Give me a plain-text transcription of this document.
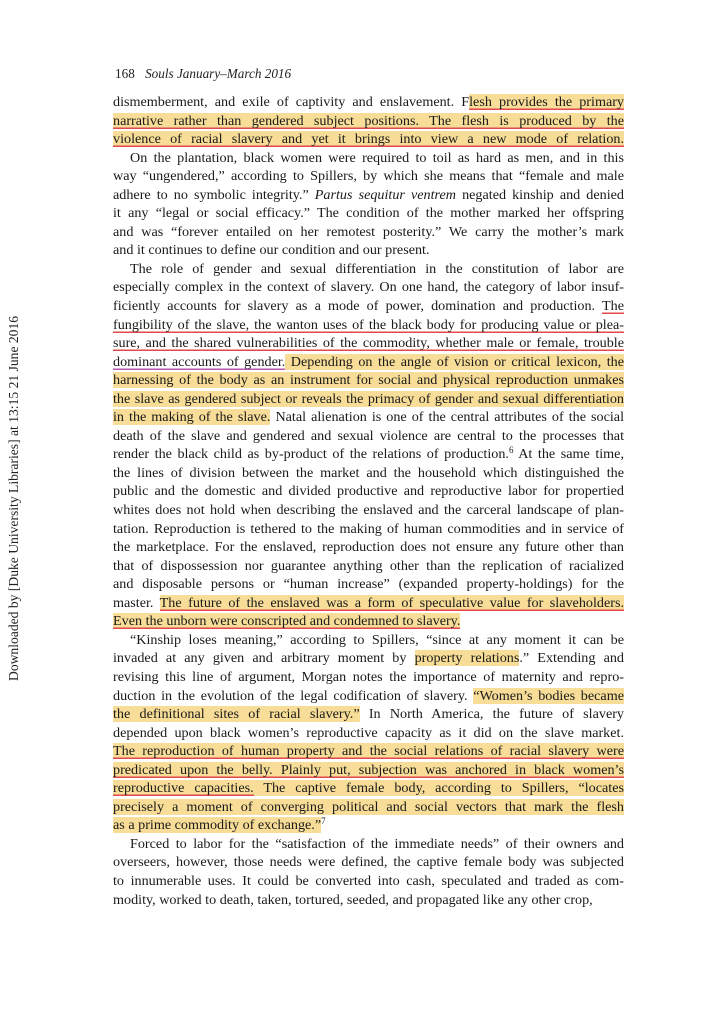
Downloaded by [Duke University Libraries] at 13:15 21 June 2016
168 Souls January–March 2016
dismemberment, and exile of captivity and enslavement. Flesh provides the primary
narrative rather than gendered subject positions. The flesh is produced by the
violence of racial slavery and yet it brings into view a new mode of relation.
On the plantation, black women were required to toil as hard as men, and in this
way “ungendered,” according to Spillers, by which she means that “female and male
adhere to no symbolic integrity.” Partus sequitur ventrem negated kinship and denied
it any “legal or social efficacy.” The condition of the mother marked her offspring
and was “forever entailed on her remotest posterity.” We carry the mother’s mark
and it continues to define our condition and our present.
The role of gender and sexual differentiation in the constitution of labor are
especially complex in the context of slavery. On one hand, the category of labor insuf-
ficiently accounts for slavery as a mode of power, domination and production. The
fungibility of the slave, the wanton uses of the black body for producing value or plea-
sure, and the shared vulnerabilities of the commodity, whether male or female, trouble
dominant accounts of gender. Depending on the angle of vision or critical lexicon, the
harnessing of the body as an instrument for social and physical reproduction unmakes
the slave as gendered subject or reveals the primacy of gender and sexual differentiation
in the making of the slave. Natal alienation is one of the central attributes of the social
death of the slave and gendered and sexual violence are central to the processes that
render the black child as by-product of the relations of production.$^6$ At the same time,
the lines of division between the market and the household which distinguished the
public and the domestic and divided productive and reproductive labor for propertied
whites does not hold when describing the enslaved and the carceral landscape of plan-
tation. Reproduction is tethered to the making of human commodities and in service of
the marketplace. For the enslaved, reproduction does not ensure any future other than
that of dispossession nor guarantee anything other than the replication of racialized
and disposable persons or “human increase” (expanded property-holdings) for the
master. The future of the enslaved was a form of speculative value for slaveholders.
Even the unborn were conscripted and condemned to slavery.
“Kinship loses meaning,” according to Spillers, “since at any moment it can be
invaded at any given and arbitrary moment by property relations.” Extending and
revising this line of argument, Morgan notes the importance of maternity and repro-
duction in the evolution of the legal codification of slavery. “Women’s bodies became
the definitional sites of racial slavery.” In North America, the future of slavery
depended upon black women’s reproductive capacity as it did on the slave market.
The reproduction of human property and the social relations of racial slavery were
predicated upon the belly. Plainly put, subjection was anchored in black women’s
reproductive capacities. The captive female body, according to Spillers, “locates
precisely a moment of converging political and social vectors that mark the flesh
as a prime commodity of exchange.”$^7$
Forced to labor for the “satisfaction of the immediate needs” of their owners and
overseers, however, those needs were defined, the captive female body was subjected
to innumerable uses. It could be converted into cash, speculated and traded as com-
modity, worked to death, taken, tortured, seeded, and propagated like any other crop,
